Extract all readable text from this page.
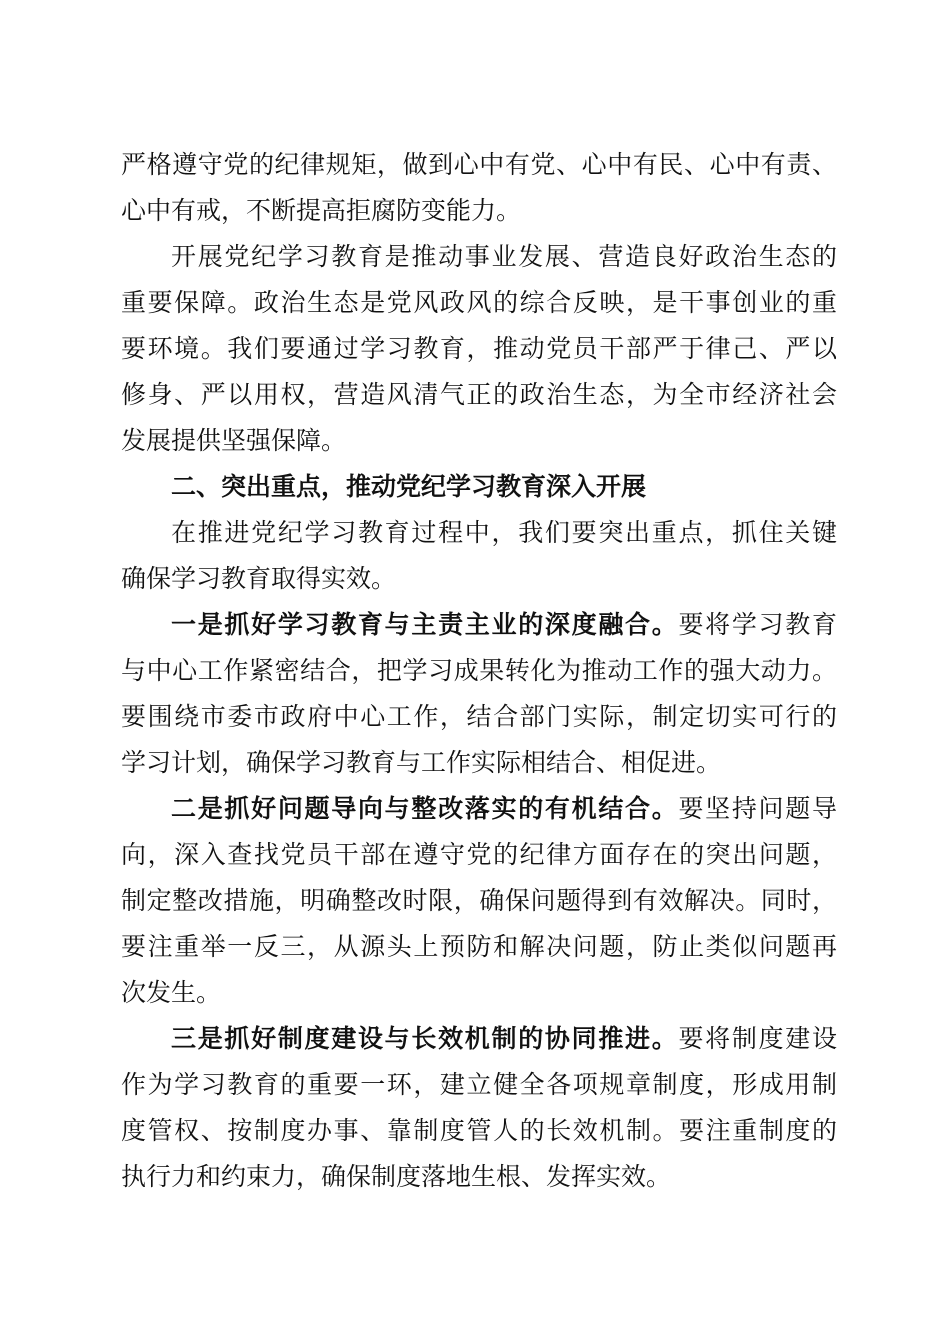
严格遵守党的纪律规矩，做到心中有党、心中有民、心中有责、
心中有戒，不断提高拒腐防变能力。
开展党纪学习教育是推动事业发展、营造良好政治生态的
重要保障。政治生态是党风政风的综合反映，是干事创业的重
要环境。我们要通过学习教育，推动党员干部严于律己、严以
修身、严以用权，营造风清气正的政治生态，为全市经济社会
发展提供坚强保障。
二、突出重点，推动党纪学习教育深入开展
在推进党纪学习教育过程中，我们要突出重点，抓住关键
确保学习教育取得实效。
一是抓好学习教育与主责主业的深度融合。要将学习教育
与中心工作紧密结合，把学习成果转化为推动工作的强大动力。
要围绕市委市政府中心工作，结合部门实际，制定切实可行的
学习计划，确保学习教育与工作实际相结合、相促进。
二是抓好问题导向与整改落实的有机结合。要坚持问题导
向，深入查找党员干部在遵守党的纪律方面存在的突出问题，
制定整改措施，明确整改时限，确保问题得到有效解决。同时，
要注重举一反三，从源头上预防和解决问题，防止类似问题再
次发生。
三是抓好制度建设与长效机制的协同推进。要将制度建设
作为学习教育的重要一环，建立健全各项规章制度，形成用制
度管权、按制度办事、靠制度管人的长效机制。要注重制度的
执行力和约束力，确保制度落地生根、发挥实效。
